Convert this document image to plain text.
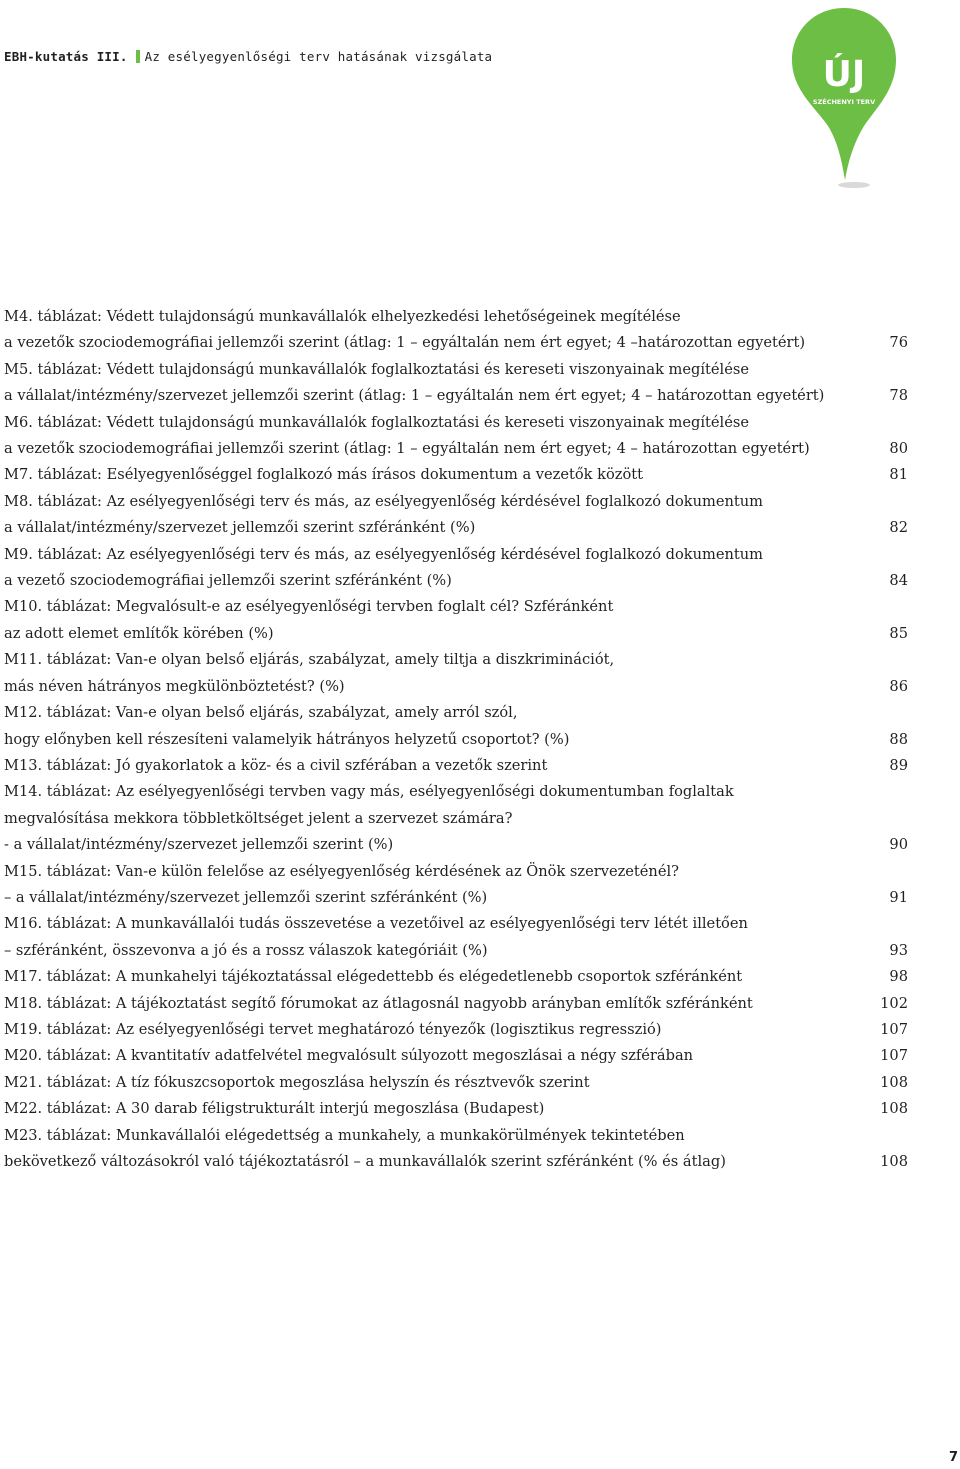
EBH-kutatás III. Az esélyegyenlőségi terv hatásának vizsgálata	ÚJ
SZÉCHENYI TERV
M4. táblázat: Védett tulajdonságú munkavállalók elhelyezkedési lehetőségeinek megítélése
a vezetők szociodemográfiai jellemzői szerint (átlag: 1 – egyáltalán nem ért egyet; 4 –határozottan egyetért)	76
M5. táblázat: Védett tulajdonságú munkavállalók foglalkoztatási és kereseti viszonyainak megítélése
a vállalat/intézmény/szervezet jellemzői szerint (átlag: 1 – egyáltalán nem ért egyet; 4 – határozottan egyetért)	78
M6. táblázat: Védett tulajdonságú munkavállalók foglalkoztatási és kereseti viszonyainak megítélése
a vezetők szociodemográfiai jellemzői szerint (átlag: 1 – egyáltalán nem ért egyet; 4 – határozottan egyetért)	80
M7. táblázat: Esélyegyenlőséggel foglalkozó más írásos dokumentum a vezetők között	81
M8. táblázat: Az esélyegyenlőségi terv és más, az esélyegyenlőség kérdésével foglalkozó dokumentum
a vállalat/intézmény/szervezet jellemzői szerint szféránként (%)	82
M9. táblázat: Az esélyegyenlőségi terv és más, az esélyegyenlőség kérdésével foglalkozó dokumentum
a vezető szociodemográfiai jellemzői szerint szféránként (%)	84
M10. táblázat: Megvalósult-e az esélyegyenlőségi tervben foglalt cél? Szféránként
az adott elemet említők körében (%)	85
M11. táblázat: Van-e olyan belső eljárás, szabályzat, amely tiltja a diszkriminációt,
más néven hátrányos megkülönböztetést? (%)	86
M12. táblázat: Van-e olyan belső eljárás, szabályzat, amely arról szól,
hogy előnyben kell részesíteni valamelyik hátrányos helyzetű csoportot? (%)	88
M13. táblázat: Jó gyakorlatok a köz- és a civil szférában a vezetők szerint	89
M14. táblázat: Az esélyegyenlőségi tervben vagy más, esélyegyenlőségi dokumentumban foglaltak
megvalósítása mekkora többletköltséget jelent a szervezet számára?
- a vállalat/intézmény/szervezet jellemzői szerint (%)	90
M15. táblázat: Van-e külön felelőse az esélyegyenlőség kérdésének az Önök szervezeténél?
– a vállalat/intézmény/szervezet jellemzői szerint szféránként (%)	91
M16. táblázat: A munkavállalói tudás összevetése a vezetőivel az esélyegyenlőségi terv létét illetően
– szféránként, összevonva a jó és a rossz válaszok kategóriáit (%)	93
M17. táblázat: A munkahelyi tájékoztatással elégedettebb és elégedetlenebb csoportok szféránként	98
M18. táblázat: A tájékoztatást segítő fórumokat az átlagosnál nagyobb arányban említők szféránként	102
M19. táblázat: Az esélyegyenlőségi tervet meghatározó tényezők (logisztikus regresszió)	107
M20. táblázat: A kvantitatív adatfelvétel megvalósult súlyozott megoszlásai a négy szférában	107
M21. táblázat: A tíz fókuszcsoportok megoszlása helyszín és résztvevők szerint	108
M22. táblázat: A 30 darab féligstrukturált interjú megoszlása (Budapest)	108
M23. táblázat: Munkavállalói elégedettség a munkahely, a munkakörülmények tekintetében
bekövetkező változásokról való tájékoztatásról – a munkavállalók szerint szféránként (% és átlag)	108
7
